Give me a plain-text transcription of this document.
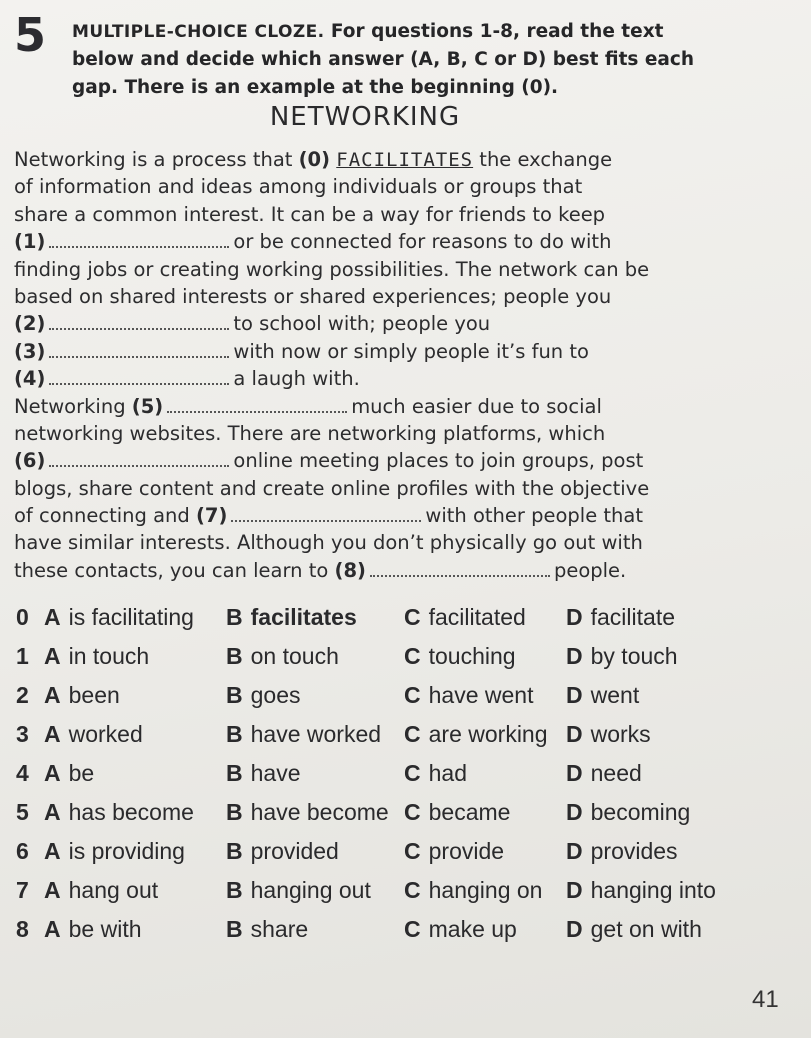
5 MULTIPLE-CHOICE CLOZE. For questions 1-8, read the text
below and decide which answer (A, B, C or D) best fits each
gap. There is an example at the beginning (0).
NETWORKING
Networking is a process that (0) FACILITATES the exchange
of information and ideas among individuals or groups that
share a common interest. It can be a way for friends to keep
(1)	or be connected for reasons to do with
finding jobs or creating working possibilities. The network can be
based on shared interests or shared experiences; people you
(2)	to school with; people you
(3)	with now or simply people it’s fun to
(4)	a laugh with.
Networking (5)	much easier due to social
networking websites. There are networking platforms, which
(6)	online meeting places to join groups, post
blogs, share content and create online profiles with the objective
of connecting and (7)	with other people that
have similar interests. Although you don’t physically go out with
these contacts, you can learn to (8)	people.
0 A is facilitating B facilitates C facilitated D facilitate
1 A in touch	B on touch	C touching D by touch
2 A been	B goes	C have went D went
3 A worked	B have worked C are working D works
4 A be	B have	C had	D need
5 A has become B have become C became D becoming
6 A is providing B provided	C provide	D provides
7 A hang out	B hanging out C hanging on D hanging into
8 A be with	B share	C make up D get on with
41
